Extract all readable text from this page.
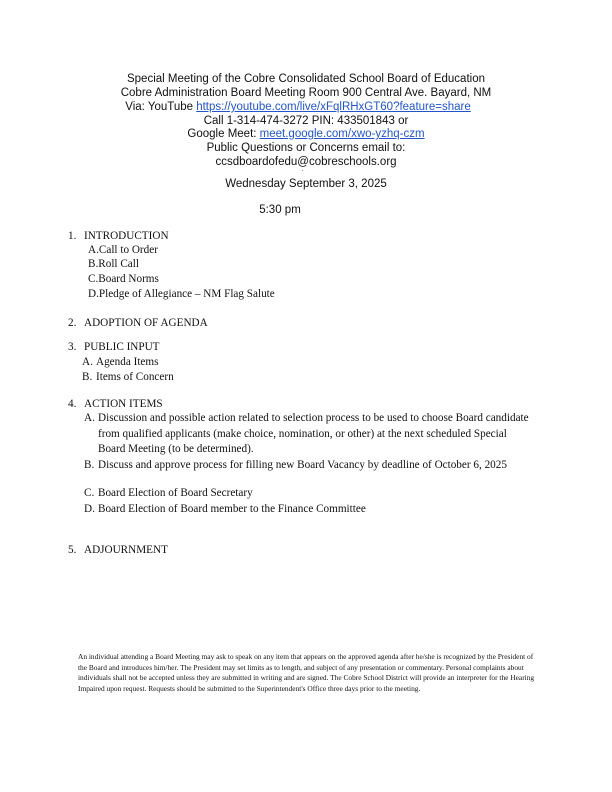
Special Meeting of the Cobre Consolidated School Board of Education
Cobre Administration Board Meeting Room 900 Central Ave. Bayard, NM
Via: YouTube https://youtube.com/live/xFqlRHxGT60?feature=share
Call 1-314-474-3272 PIN: 433501843 or
Google Meet: meet.google.com/xwo-yzhq-czm
Public Questions or Concerns email to:
ccsdboardofedu@cobreschools.org
Wednesday September 3, 2025
5:30 pm
1. INTRODUCTION
A.Call to Order
B.Roll Call
C.Board Norms
D.Pledge of Allegiance – NM Flag Salute
2. ADOPTION OF AGENDA
3. PUBLIC INPUT
A. Agenda Items
B. Items of Concern
4. ACTION ITEMS
A. Discussion and possible action related to selection process to be used to choose Board candidate from qualified applicants (make choice, nomination, or other) at the next scheduled Special Board Meeting (to be determined).
B. Discuss and approve process for filling new Board Vacancy by deadline of October 6, 2025
C. Board Election of Board Secretary
D. Board Election of Board member to the Finance Committee
5. ADJOURNMENT
An individual attending a Board Meeting may ask to speak on any item that appears on the approved agenda after he/she is recognized by the President of the Board and introduces him/her. The President may set limits as to length, and subject of any presentation or commentary. Personal complaints about individuals shall not be accepted unless they are submitted in writing and are signed. The Cobre School District will provide an interpreter for the Hearing Impaired upon request. Requests should be submitted to the Superintendent's Office three days prior to the meeting.
